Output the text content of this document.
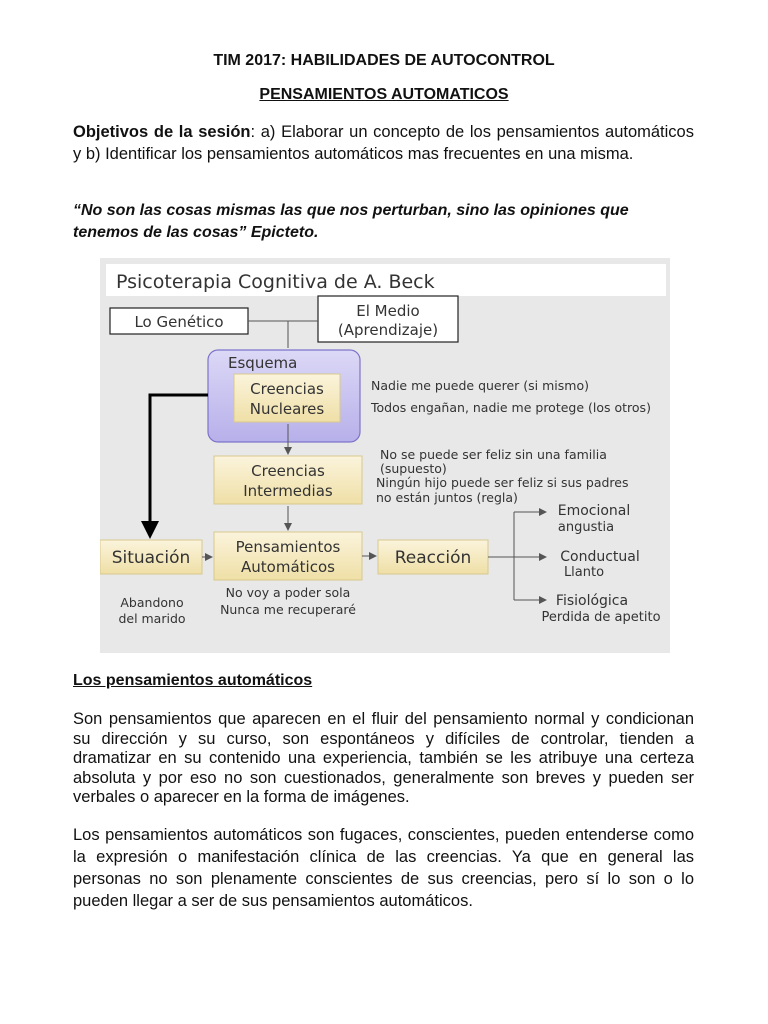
TIM 2017: HABILIDADES DE AUTOCONTROL
PENSAMIENTOS AUTOMATICOS
Objetivos de la sesión: a) Elaborar un concepto de los pensamientos automáticos y b) Identificar los pensamientos automáticos mas frecuentes en una misma.
“No son las cosas mismas las que nos perturban, sino las opiniones que tenemos de las cosas” Epicteto.
Psicoterapia Cognitiva de A. Beck
Lo Genético
El Medio
(Aprendizaje)
Esquema
Creencias
Nucleares
Nadie me puede querer (si mismo)
Todos engañan, nadie me protege (los otros)
Creencias
Intermedias
No se puede ser feliz sin una familia
(supuesto)
Ningún hijo puede ser feliz si sus padres
no están juntos (regla)
Situación
Abandono
del marido
Pensamientos
Automáticos
No voy a poder sola
Nunca me recuperaré
Reacción
Emocional
angustia
Conductual
Llanto
Fisiológica
Perdida de apetito
Los pensamientos automáticos
Son pensamientos que aparecen en el fluir del pensamiento normal y condicionan su dirección y su curso, son espontáneos y difíciles de controlar, tienden a dramatizar en su contenido una experiencia, también se les atribuye una certeza absoluta y por eso no son cuestionados, generalmente son breves y pueden ser verbales o aparecer en la forma de imágenes.
Los pensamientos automáticos son fugaces, conscientes, pueden entenderse como la expresión o manifestación clínica de las creencias. Ya que en general las personas no son plenamente conscientes de sus creencias, pero sí lo son o lo pueden llegar a ser de sus pensamientos automáticos.
